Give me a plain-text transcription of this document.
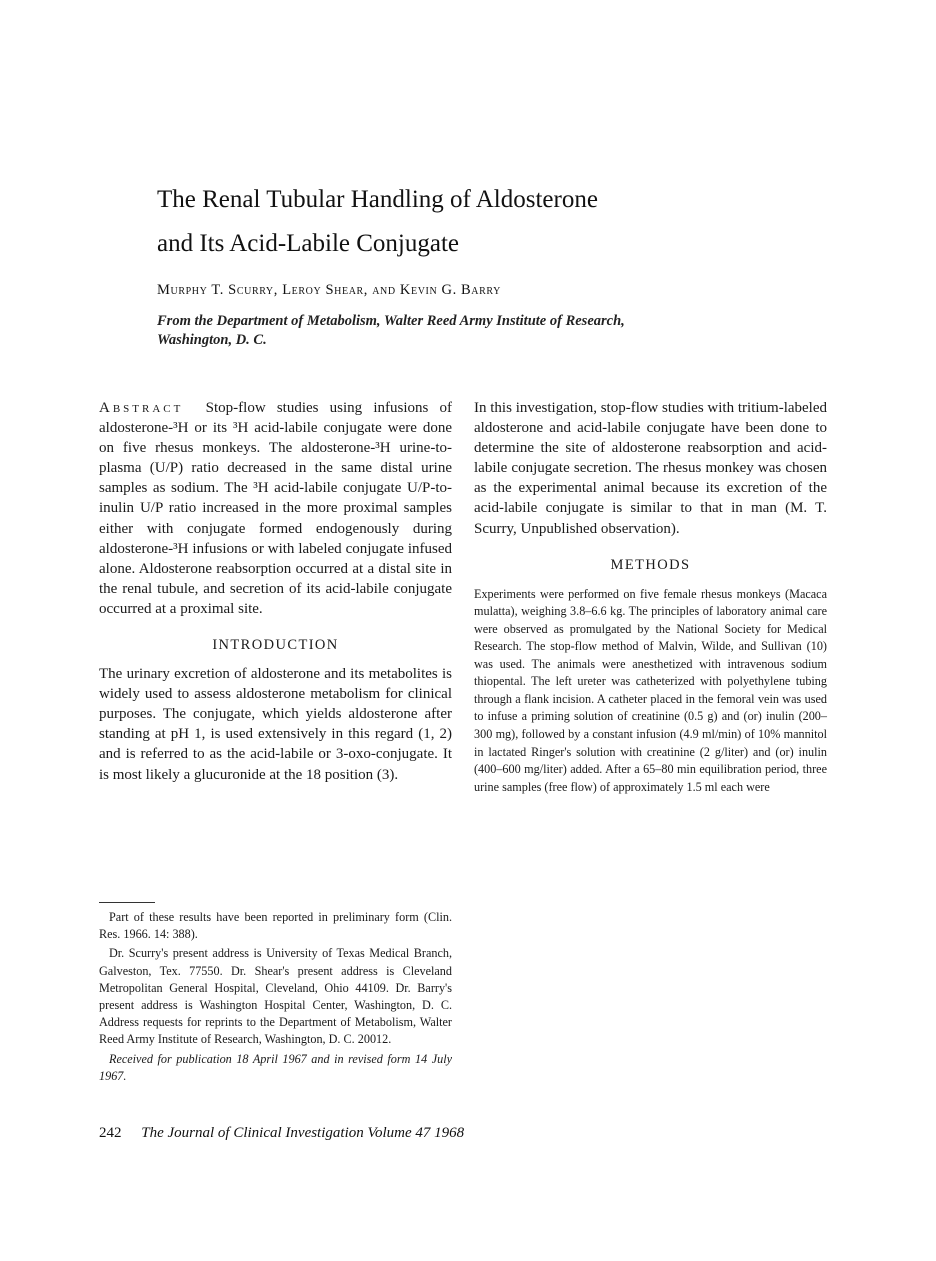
The Renal Tubular Handling of Aldosterone
and Its Acid-Labile Conjugate
Murphy T. Scurry, Leroy Shear, and Kevin G. Barry
From the Department of Metabolism, Walter Reed Army Institute of Research,
Washington, D. C.

Abstract Stop-flow studies using infusions of aldosterone-³H or its ³H acid-labile conjugate were done on five rhesus monkeys. The aldosterone-³H urine-to-plasma (U/P) ratio decreased in the same distal urine samples as sodium. The ³H acid-labile conjugate U/P-to-inulin U/P ratio increased in the more proximal samples either with conjugate formed endogenously during aldosterone-³H infusions or with labeled conjugate infused alone. Aldosterone reabsorption occurred at a distal site in the renal tubule, and secretion of its acid-labile conjugate occurred at a proximal site.

INTRODUCTION

The urinary excretion of aldosterone and its metabolites is widely used to assess aldosterone metabolism for clinical purposes. The conjugate, which yields aldosterone after standing at pH 1, is used extensively in this regard (1, 2) and is referred to as the acid-labile or 3-oxo-conjugate. It is most likely a glucuronide at the 18 position (3).

Part of these results have been reported in preliminary form (Clin. Res. 1966. 14: 388).

Dr. Scurry's present address is University of Texas Medical Branch, Galveston, Tex. 77550. Dr. Shear's present address is Cleveland Metropolitan General Hospital, Cleveland, Ohio 44109. Dr. Barry's present address is Washington Hospital Center, Washington, D. C. Address requests for reprints to the Department of Metabolism, Walter Reed Army Institute of Research, Washington, D. C. 20012.

Received for publication 18 April 1967 and in revised form 14 July 1967.

In this investigation, stop-flow studies with tritium-labeled aldosterone and acid-labile conjugate have been done to determine the site of aldosterone reabsorption and acid-labile conjugate secretion. The rhesus monkey was chosen as the experimental animal because its excretion of the acid-labile conjugate is similar to that in man (M. T. Scurry, Unpublished observation).

METHODS

Experiments were performed on five female rhesus monkeys (Macaca mulatta), weighing 3.8–6.6 kg. The principles of laboratory animal care were observed as promulgated by the National Society for Medical Research. The stop-flow method of Malvin, Wilde, and Sullivan (10) was used. The animals were anesthetized with intravenous sodium thiopental. The left ureter was catheterized with polyethylene tubing through a flank incision. A catheter placed in the femoral vein was used to infuse a priming solution of creatinine (0.5 g) and (or) inulin (200–300 mg), followed by a constant infusion (4.9 ml/min) of 10% mannitol in lactated Ringer's solution with creatinine (2 g/liter) and (or) inulin (400–600 mg/liter) added. After a 65–80 min equilibration period, three urine samples (free flow) of approximately 1.5 ml each were

242 The Journal of Clinical Investigation Volume 47 1968
